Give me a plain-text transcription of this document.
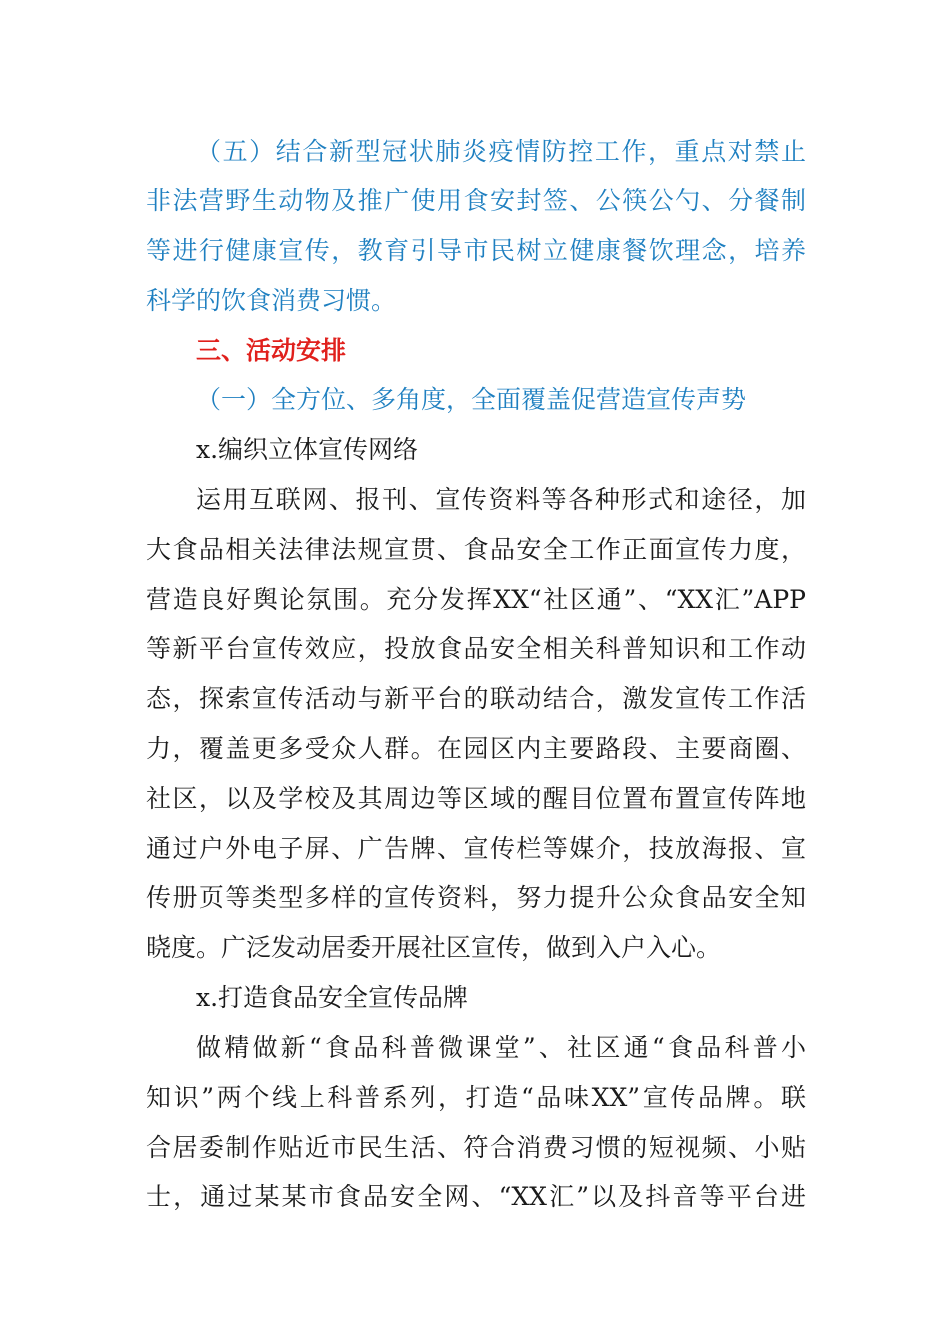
（五）结合新型冠状肺炎疫情防控工作，重点对禁止
非法营野生动物及推广使用食安封签、公筷公勺、分餐制
等进行健康宣传，教育引导市民树立健康餐饮理念，培养
科学的饮食消费习惯。
三、活动安排
（一）全方位、多角度，全面覆盖促营造宣传声势
x.编织立体宣传网络
运用互联网、报刊、宣传资料等各种形式和途径，加
大食品相关法律法规宣贯、食品安全工作正面宣传力度，
营造良好舆论氛围。充分发挥XX“社区通”、“XX汇”APP
等新平台宣传效应，投放食品安全相关科普知识和工作动
态，探索宣传活动与新平台的联动结合，激发宣传工作活
力，覆盖更多受众人群。在园区内主要路段、主要商圈、
社区，以及学校及其周边等区域的醒目位置布置宣传阵地
通过户外电子屏、广告牌、宣传栏等媒介，技放海报、宣
传册页等类型多样的宣传资料，努力提升公众食品安全知
晓度。广泛发动居委开展社区宣传，做到入户入心。
x.打造食品安全宣传品牌
做精做新“食品科普微课堂”、社区通“食品科普小
知识”两个线上科普系列，打造“品味XX”宣传品牌。联
合居委制作贴近市民生活、符合消费习惯的短视频、小贴
士，通过某某市食品安全网、“XX汇”以及抖音等平台进
